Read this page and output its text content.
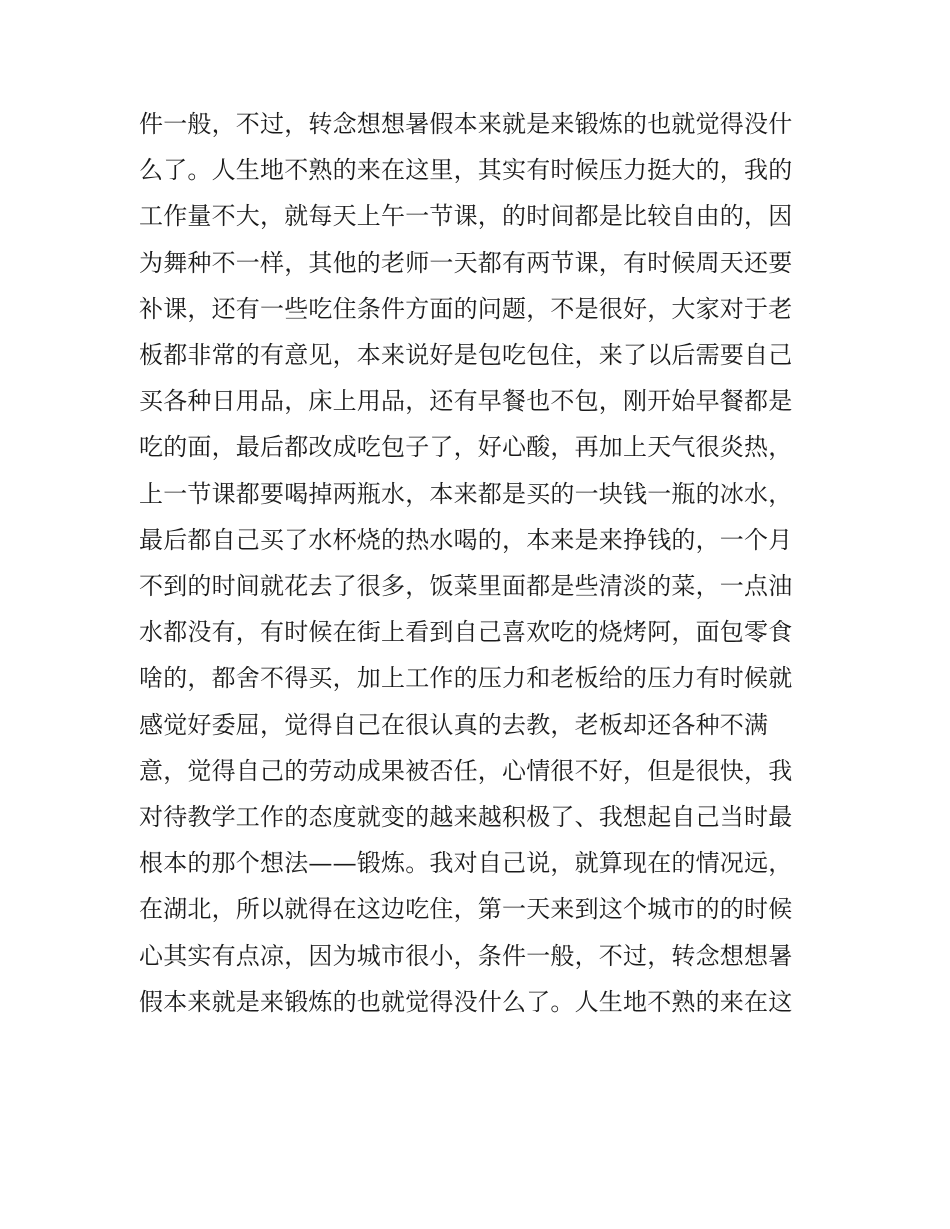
件一般，不过，转念想想暑假本来就是来锻炼的也就觉得没什
么了。人生地不熟的来在这里，其实有时候压力挺大的，我的
工作量不大，就每天上午一节课，的时间都是比较自由的，因
为舞种不一样，其他的老师一天都有两节课，有时候周天还要
补课，还有一些吃住条件方面的问题，不是很好，大家对于老
板都非常的有意见，本来说好是包吃包住，来了以后需要自己
买各种日用品，床上用品，还有早餐也不包，刚开始早餐都是
吃的面，最后都改成吃包子了，好心酸，再加上天气很炎热，
上一节课都要喝掉两瓶水，本来都是买的一块钱一瓶的冰水，
最后都自己买了水杯烧的热水喝的，本来是来挣钱的，一个月
不到的时间就花去了很多，饭菜里面都是些清淡的菜，一点油
水都没有，有时候在街上看到自己喜欢吃的烧烤阿，面包零食
啥的，都舍不得买，加上工作的压力和老板给的压力有时候就
感觉好委屈，觉得自己在很认真的去教，老板却还各种不满
意，觉得自己的劳动成果被否任，心情很不好，但是很快，我
对待教学工作的态度就变的越来越积极了、我想起自己当时最
根本的那个想法——锻炼。我对自己说，就算现在的情况远，
在湖北，所以就得在这边吃住，第一天来到这个城市的的时候
心其实有点凉，因为城市很小，条件一般，不过，转念想想暑
假本来就是来锻炼的也就觉得没什么了。人生地不熟的来在这
